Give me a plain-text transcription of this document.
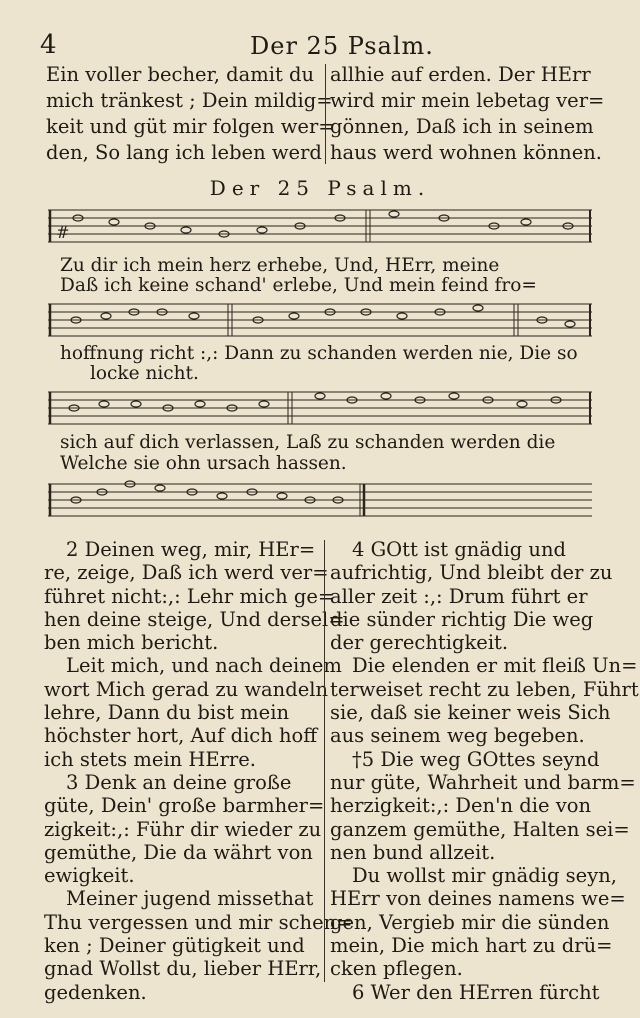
4	Der 25 Psalm.
Ein voller becher, damit du
mich tränkest ; Dein mildig=
keit und güt mir folgen wer=
den, So lang ich leben werd
allhie auf erden. Der HErr
wird mir mein lebetag ver=
gönnen, Daß ich in seinem
haus werd wohnen können.
Der 25 Psalm.
#
Zu dir ich mein herz erhebe, Und, HErr, meine
Daß ich keine schand' erlebe, Und mein feind fro=
hoffnung richt :,: Dann zu schanden werden nie, Die so
locke nicht.
sich auf dich verlassen, Laß zu schanden werden die
Welche sie ohn ursach hassen.
2 Deinen weg, mir, HEr=
re, zeige, Daß ich werd ver=
führet nicht:,: Lehr mich ge=
hen deine steige, Und dersel=
ben mich bericht.
Leit mich, und nach deinem
wort Mich gerad zu wandeln
lehre, Dann du bist mein
höchster hort, Auf dich hoff
ich stets mein HErre.
3 Denk an deine große
güte, Dein' große barmher=
zigkeit:,: Führ dir wieder zu
gemüthe, Die da währt von
ewigkeit.
Meiner jugend missethat
Thu vergessen und mir schen=
ken ; Deiner gütigkeit und
gnad Wollst du, lieber HErr,
gedenken.
4 GOtt ist gnädig und
aufrichtig, Und bleibt der zu
aller zeit :,: Drum führt er
die sünder richtig Die weg
der gerechtigkeit.
Die elenden er mit fleiß Un=
terweiset recht zu leben, Führt
sie, daß sie keiner weis Sich
aus seinem weg begeben.
†5 Die weg GOttes seynd
nur güte, Wahrheit und barm=
herzigkeit:,: Den'n die von
ganzem gemüthe, Halten sei=
nen bund allzeit.
Du wollst mir gnädig seyn,
HErr von deines namens we=
gen, Vergieb mir die sünden
mein, Die mich hart zu drü=
cken pflegen.
6 Wer den HErren fürcht
